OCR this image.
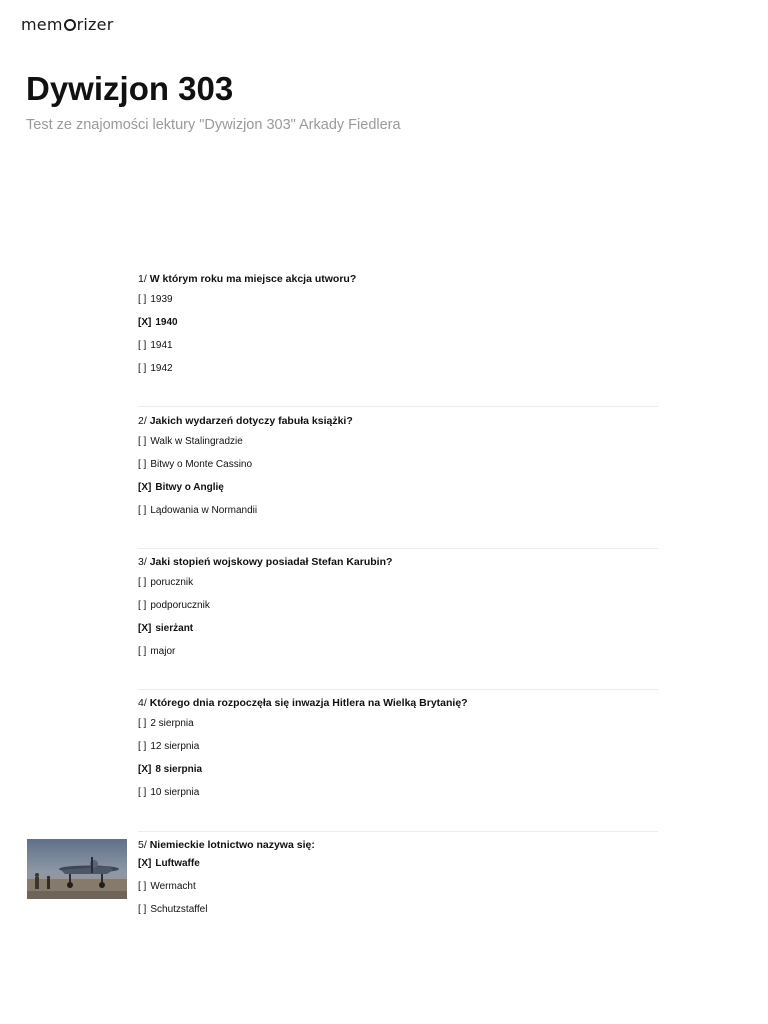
mem rizer
Dywizjon 303
Test ze znajomości lektury "Dywizjon 303" Arkady Fiedlera
1/ W którym roku ma miejsce akcja utworu?
[ ] 1939
[X] 1940
[ ] 1941
[ ] 1942
2/ Jakich wydarzeń dotyczy fabuła książki?
[ ] Walk w Stalingradzie
[ ] Bitwy o Monte Cassino
[X] Bitwy o Anglię
[ ] Lądowania w Normandii
3/ Jaki stopień wojskowy posiadał Stefan Karubin?
[ ] porucznik
[ ] podporucznik
[X] sierżant
[ ] major
4/ Którego dnia rozpoczęła się inwazja Hitlera na Wielką Brytanię?
[ ] 2 sierpnia
[ ] 12 sierpnia
[X] 8 sierpnia
[ ] 10 sierpnia
5/ Niemieckie lotnictwo nazywa się:
[X] Luftwaffe
[ ] Wermacht
[ ] Schutzstaffel
